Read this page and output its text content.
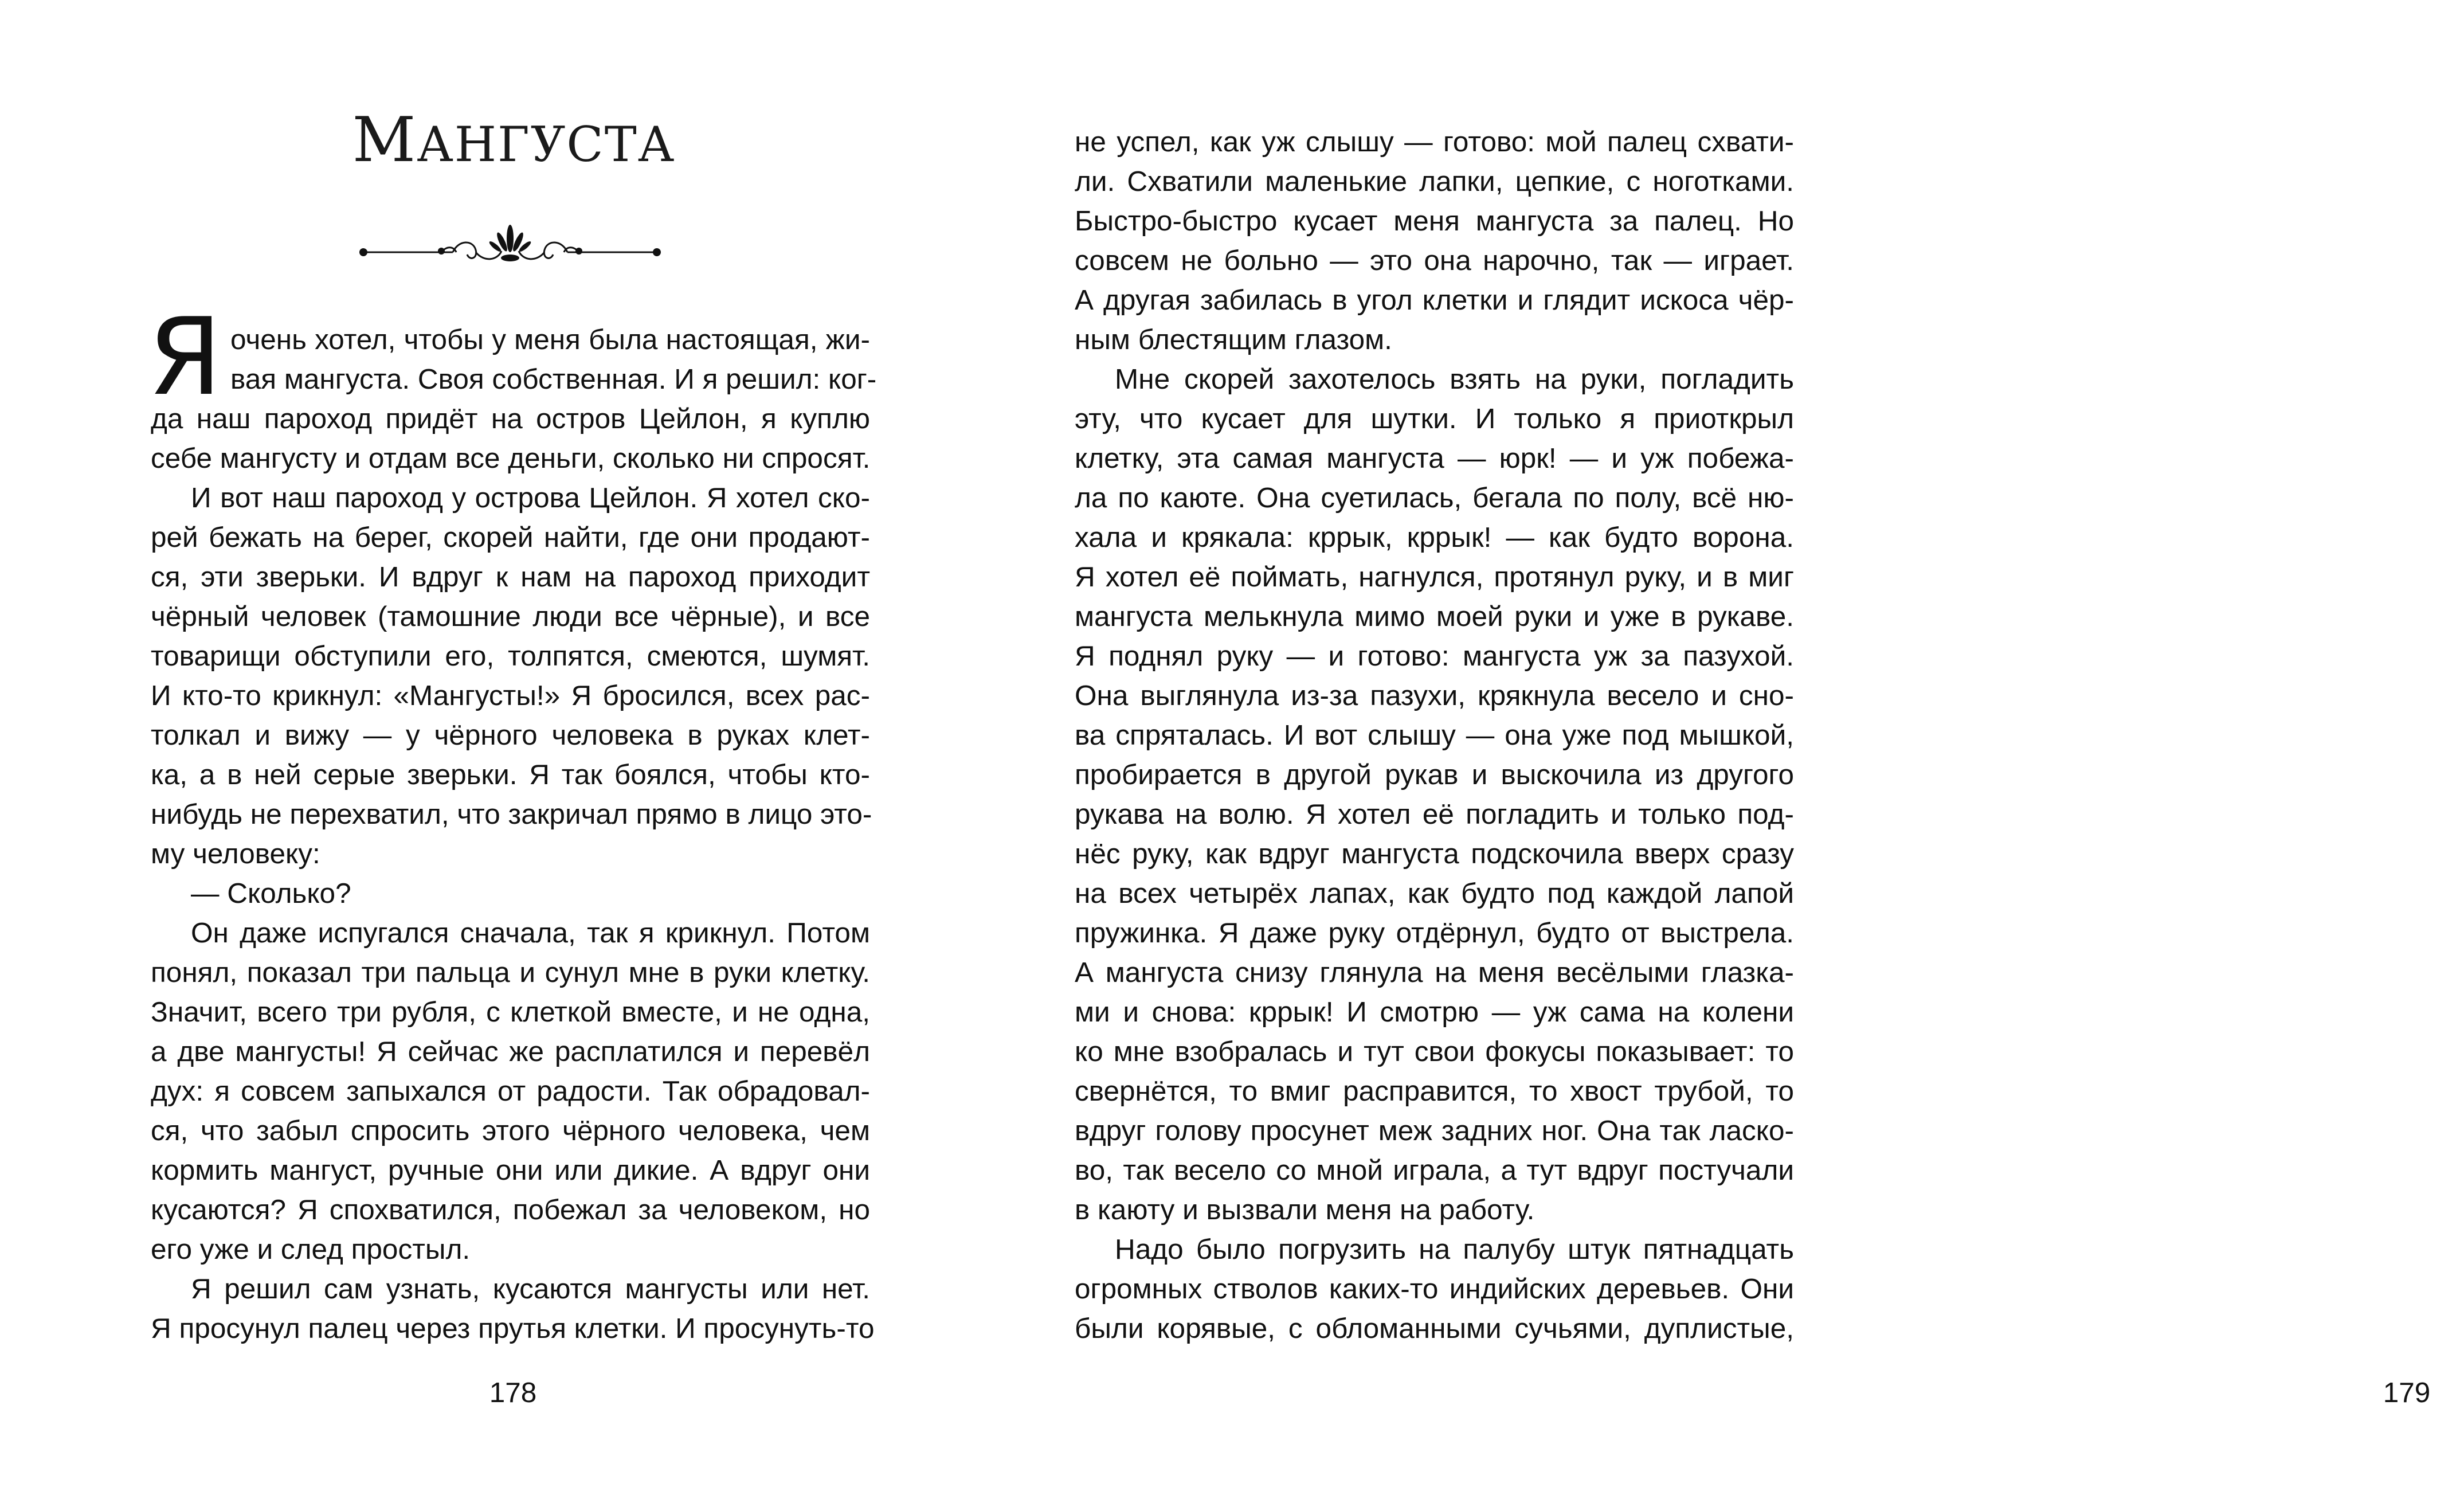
МАНГУСТА
Я очень хотел, чтобы у меня была настоящая, жи-
вая мангуста. Своя собственная. И я решил: ког-
да наш пароход придёт на остров Цейлон, я куплю
себе мангусту и отдам все деньги, сколько ни спросят.
И вот наш пароход у острова Цейлон. Я хотел ско-
рей бежать на берег, скорей найти, где они продают-
ся, эти зверьки. И вдруг к нам на пароход приходит
чёрный человек (тамошние люди все чёрные), и все
товарищи обступили его, толпятся, смеются, шумят.
И кто-то крикнул: «Мангусты!» Я бросился, всех рас-
толкал и вижу — у чёрного человека в руках клет-
ка, а в ней серые зверьки. Я так боялся, чтобы кто-
нибудь не перехватил, что закричал прямо в лицо это-
му человеку:
— Сколько?
Он даже испугался сначала, так я крикнул. Потом
понял, показал три пальца и сунул мне в руки клетку.
Значит, всего три рубля, с клеткой вместе, и не одна,
а две мангусты! Я сейчас же расплатился и перевёл
дух: я совсем запыхался от радости. Так обрадовал-
ся, что забыл спросить этого чёрного человека, чем
кормить мангуст, ручные они или дикие. А вдруг они
кусаются? Я спохватился, побежал за человеком, но
его уже и след простыл.
Я решил сам узнать, кусаются мангусты или нет.
Я просунул палец через прутья клетки. И просунуть-то
178
не успел, как уж слышу — готово: мой палец схвати-
ли. Схватили маленькие лапки, цепкие, с ноготками.
Быстро-быстро кусает меня мангуста за палец. Но
совсем не больно — это она нарочно, так — играет.
А другая забилась в угол клетки и глядит искоса чёр-
ным блестящим глазом.
Мне скорей захотелось взять на руки, погладить
эту, что кусает для шутки. И только я приоткрыл
клетку, эта самая мангуста — юрк! — и уж побежа-
ла по каюте. Она суетилась, бегала по полу, всё ню-
хала и крякала: кррык, кррык! — как будто ворона.
Я хотел её поймать, нагнулся, протянул руку, и в миг
мангуста мелькнула мимо моей руки и уже в рукаве.
Я поднял руку — и готово: мангуста уж за пазухой.
Она выглянула из-за пазухи, крякнула весело и сно-
ва спряталась. И вот слышу — она уже под мышкой,
пробирается в другой рукав и выскочила из другого
рукава на волю. Я хотел её погладить и только под-
нёс руку, как вдруг мангуста подскочила вверх сразу
на всех четырёх лапах, как будто под каждой лапой
пружинка. Я даже руку отдёрнул, будто от выстрела.
А мангуста снизу глянула на меня весёлыми глазка-
ми и снова: кррык! И смотрю — уж сама на колени
ко мне взобралась и тут свои фокусы показывает: то
свернётся, то вмиг расправится, то хвост трубой, то
вдруг голову просунет меж задних ног. Она так ласко-
во, так весело со мной играла, а тут вдруг постучали
в каюту и вызвали меня на работу.
Надо было погрузить на палубу штук пятнадцать
огромных стволов каких-то индийских деревьев. Они
были корявые, с обломанными сучьями, дуплистые,
179
